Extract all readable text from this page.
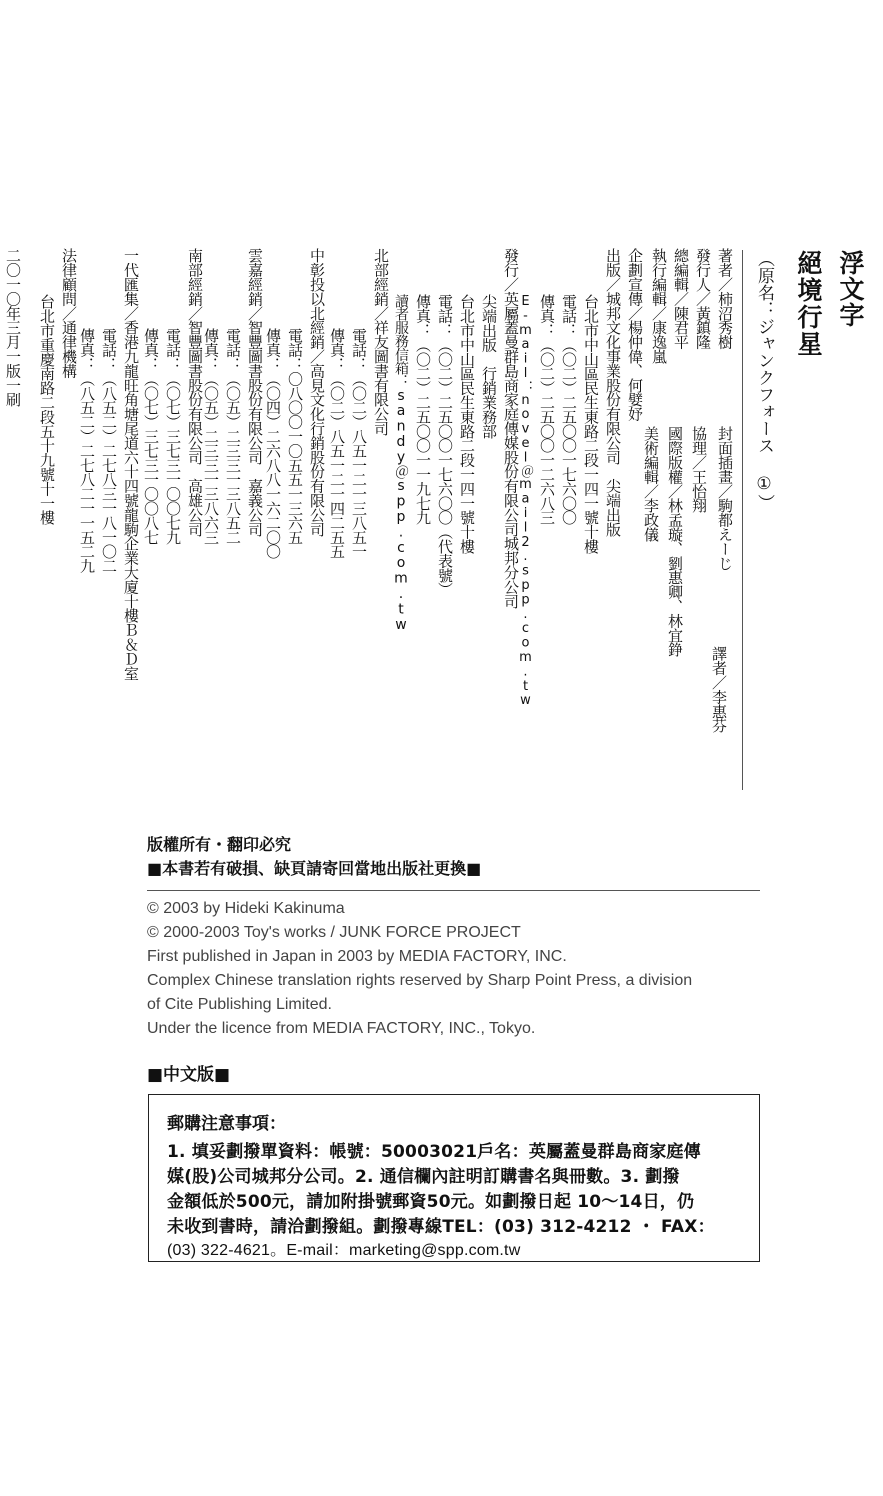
浮文字
絕境行星
（原名：ジャンクフォース ①）
著者／柿沼秀樹
封面插畫／駒都えーじ
譯者／李惠芬
發行人／黃鎮隆
協理／王怡翔
總編輯／陳君平
國際版權／林孟璇、劉惠卿、林宜錚
執行編輯／康逸嵐
美術編輯／李政儀
企劃宣傳／楊仲偉、何嬖妤
出版／城邦文化事業股份有限公司　尖端出版
台北市中山區民生東路二段一四一號十樓
電話：（〇二）二五〇〇一七六〇〇
傳真：（〇二）二五〇〇一二六八三
E-mail：novel＠mail2.spp.com.tw
發行／英屬蓋曼群島商家庭傳媒股份有限公司城邦分公司
尖端出版　行銷業務部
台北市中山區民生東路二段一四一號十樓
電話：（〇二）二五〇〇一七六〇〇（代表號）
傳真：（〇二）二五〇〇一一九七九
讀者服務信箱：sandy＠spp.com.tw
北部經銷／祥友圖書有限公司
電話：（〇二）八五一二一三八五一
傳真：（〇二）八五一二一四二五五
中彰投以北經銷／高見文化行銷股份有限公司
電話：〇八〇〇一〇五五一三六五
傳真：（〇四）二六八八一六二〇〇
雲嘉經銷／智豐圖書股份有限公司　嘉義公司
電話：（〇五）二三三一三八五二
傳真：（〇五）二三三一三八六三
南部經銷／智豐圖書股份有限公司　高雄公司
電話：（〇七）三七三一〇〇七九
傳真：（〇七）三七三一〇〇八七
一代匯集／香港九龍旺角塘尾道六十四號龍駒企業大廈十樓Ｂ＆Ｄ室
電話：（八五二）二七八三一八一〇二
傳真：（八五二）二七八二一一五二九
法律顧問／通律機構
台北市重慶南路二段五十九號十一樓
二〇一〇年三月一版一刷
版權所有・翻印必究
■本書若有破損、缺頁請寄回當地出版社更換■
© 2003 by Hideki Kakinuma
© 2000-2003 Toy's works / JUNK FORCE PROJECT
First published in Japan in 2003 by MEDIA FACTORY, INC.
Complex Chinese translation rights reserved by Sharp Point Press, a division
of Cite Publishing Limited.
Under the licence from MEDIA FACTORY, INC., Tokyo.
■中文版■
郵購注意事項：
1. 填妥劃撥單資料：帳號：50003021戶名：英屬蓋曼群島商家庭傳
媒(股)公司城邦分公司。2. 通信欄內註明訂購書名與冊數。3. 劃撥
金額低於500元，請加附掛號郵資50元。如劃撥日起 10～14日，仍
未收到書時，請洽劃撥組。劃撥專線TEL：(03) 312-4212 ・ FAX：
(03) 322-4621。E-mail：marketing@spp.com.tw
